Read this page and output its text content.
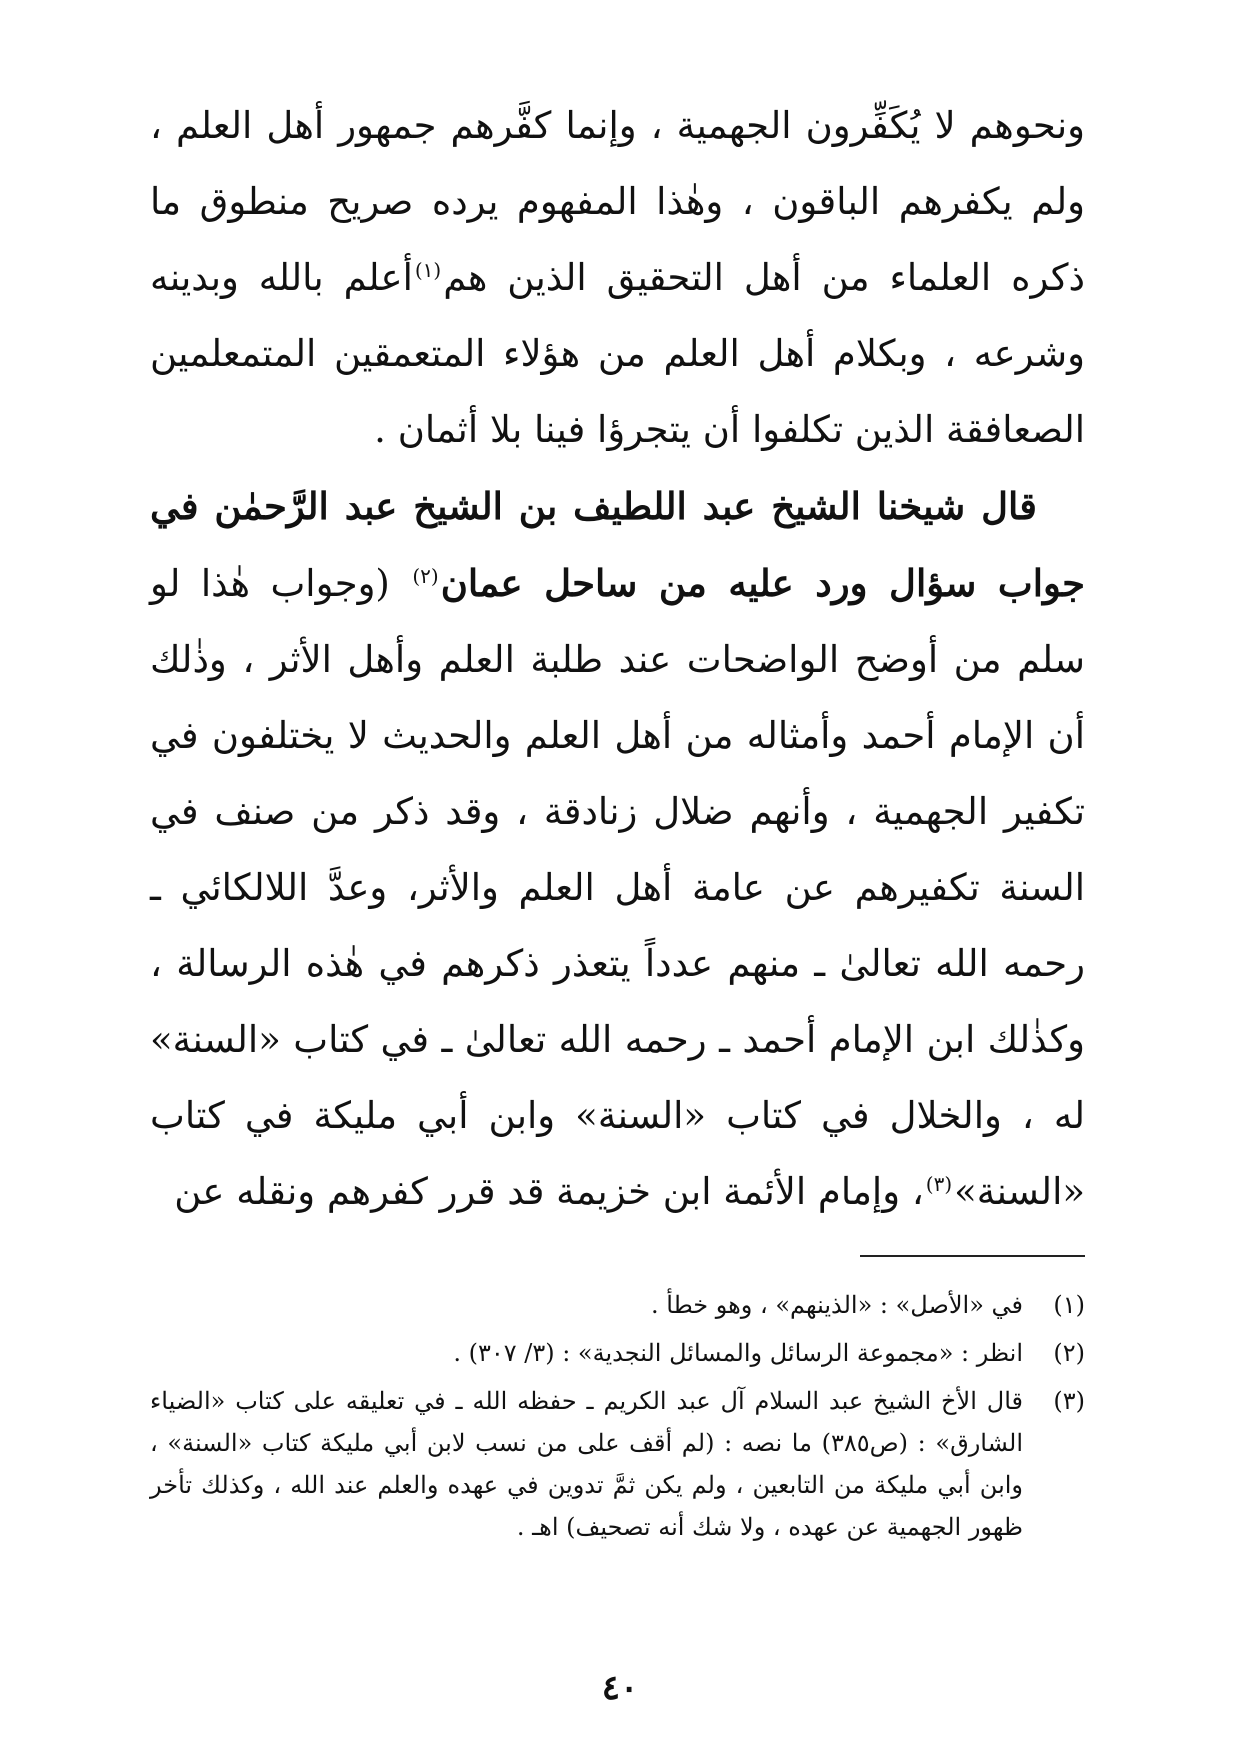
ونحوهم لا يُكَفِّرون الجهمية ، وإنما كفَّرهم جمهور أهل العلم ، ولم يكفرهم الباقون ، وهٰذا المفهوم يرده صريح منطوق ما ذكره العلماء من أهل التحقيق الذين هم$^{(١)}$أعلم بالله وبدينه وشرعه ، وبكلام أهل العلم من هؤلاء المتعمقين المتمعلمين الصعافقة الذين تكلفوا أن يتجرؤا فينا بلا أثمان .

قال شيخنا الشيخ عبد اللطيف بن الشيخ عبد الرَّحمٰن في جواب سؤال ورد عليه من ساحل عمان$^{(٢)}$ (وجواب هٰذا لو سلم من أوضح الواضحات عند طلبة العلم وأهل الأثر ، وذٰلك أن الإمام أحمد وأمثاله من أهل العلم والحديث لا يختلفون في تكفير الجهمية ، وأنهم ضلال زنادقة ، وقد ذكر من صنف في السنة تكفيرهم عن عامة أهل العلم والأثر، وعدَّ اللالكائي ـ رحمه الله تعالىٰ ـ منهم عدداً يتعذر ذكرهم في هٰذه الرسالة ، وكذٰلك ابن الإمام أحمد ـ رحمه الله تعالىٰ ـ في كتاب «السنة» له ، والخلال في كتاب «السنة» وابن أبي مليكة في كتاب «السنة»$^{(٣)}$، وإمام الأئمة ابن خزيمة قد قرر كفرهم ونقله عن

(١)
في «الأصل» : «الذينهم» ، وهو خطأ .
(٢)
انظر : «مجموعة الرسائل والمسائل النجدية» : (٣/ ٣٠٧) .
(٣)
قال الأخ الشيخ عبد السلام آل عبد الكريم ـ حفظه الله ـ في تعليقه على كتاب «الضياء الشارق» : (ص٣٨٥) ما نصه : (لم أقف على من نسب لابن أبي مليكة كتاب «السنة» ، وابن أبي مليكة من التابعين ، ولم يكن ثمَّ تدوين في عهده والعلم عند الله ، وكذلك تأخر ظهور الجهمية عن عهده ، ولا شك أنه تصحيف) اهـ .
٤٠
